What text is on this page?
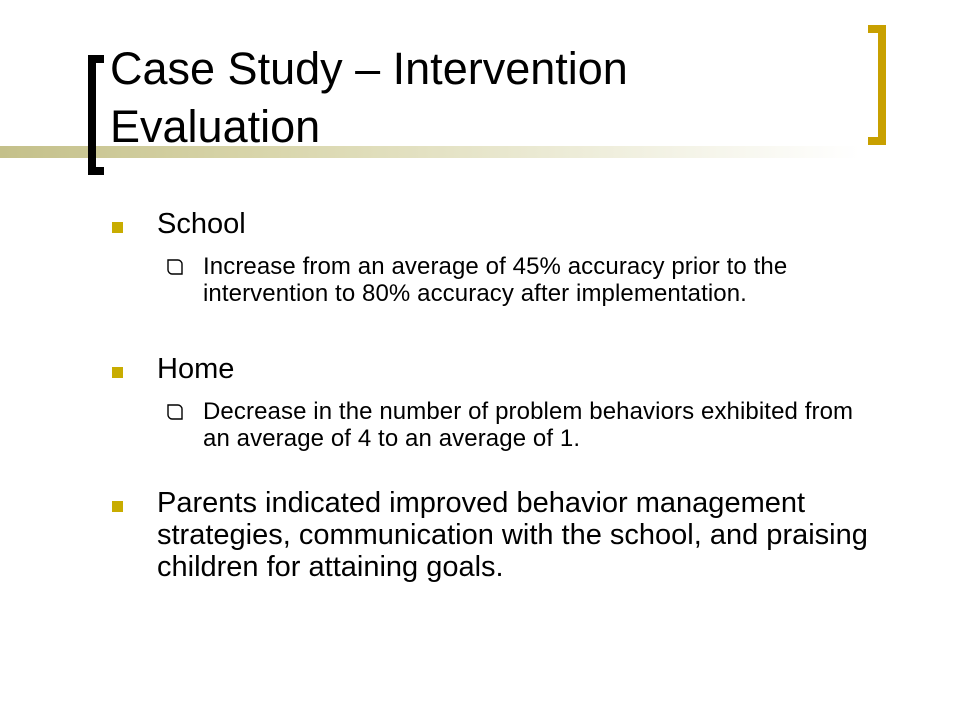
Case Study – Intervention Evaluation
School
Increase from an average of 45% accuracy prior to the intervention to 80% accuracy after implementation.
Home
Decrease in the number of problem behaviors exhibited from an average of 4 to an average of 1.
Parents indicated improved behavior management strategies, communication with the school, and praising children for attaining goals.
